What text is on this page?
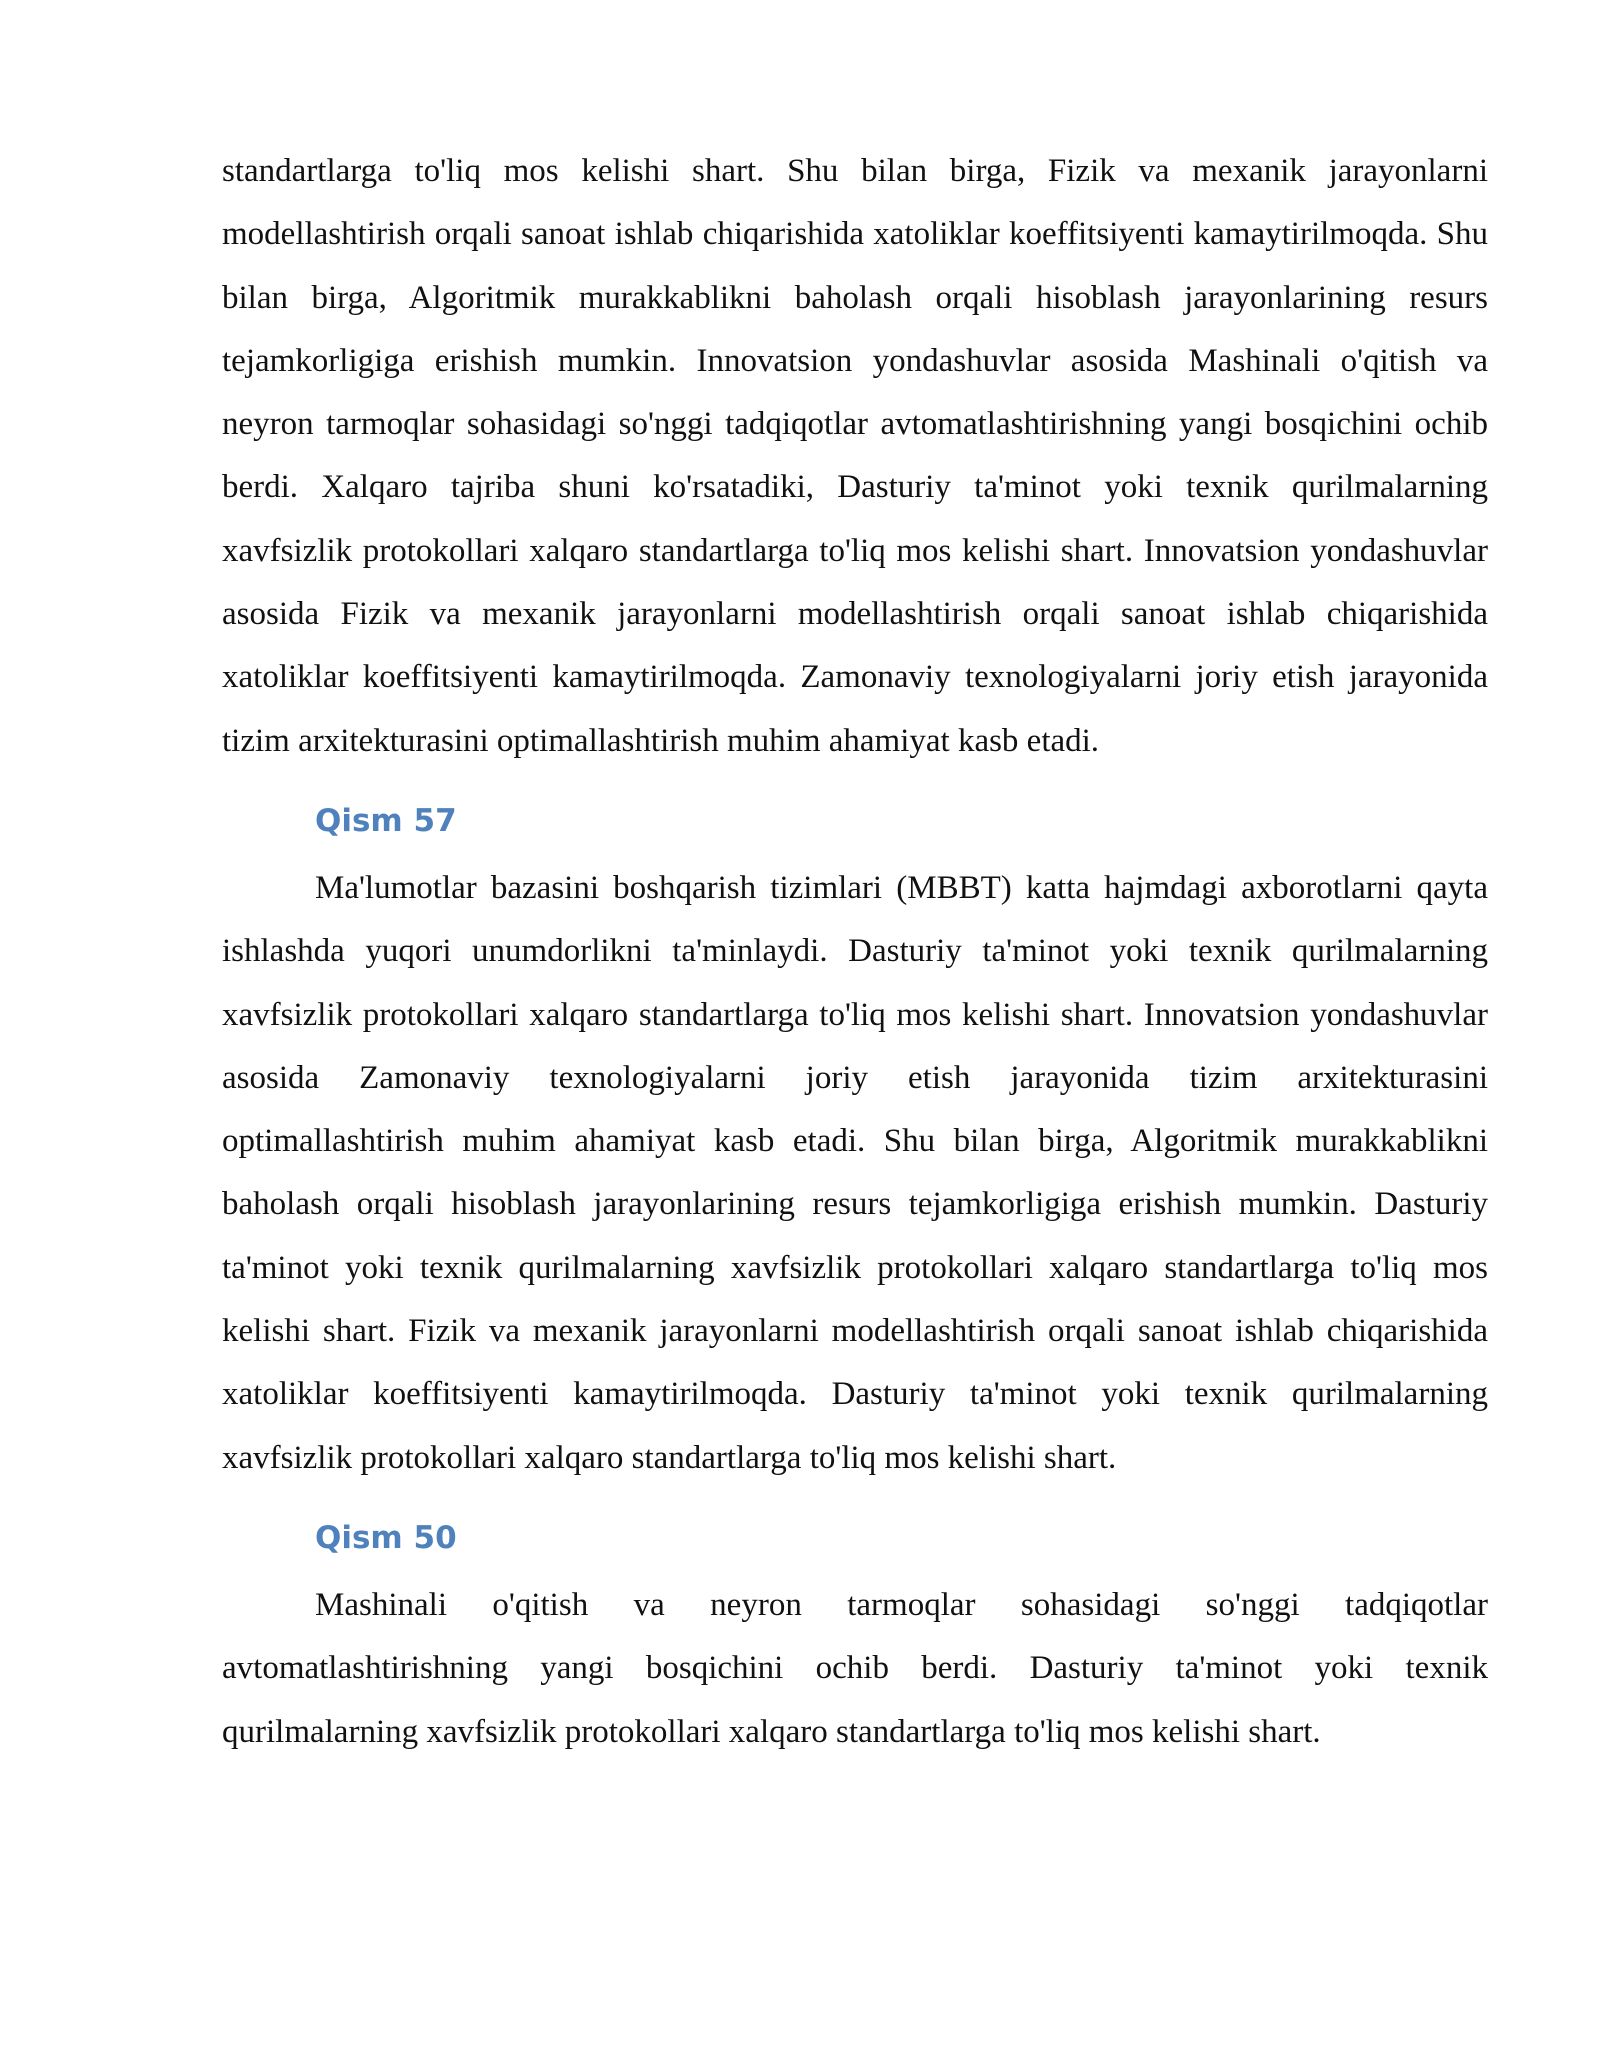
standartlarga to'liq mos kelishi shart. Shu bilan birga, Fizik va mexanik jarayonlarni modellashtirish orqali sanoat ishlab chiqarishida xatoliklar koeffitsiyenti kamaytirilmoqda. Shu bilan birga, Algoritmik murakkablikni baholash orqali hisoblash jarayonlarining resurs tejamkorligiga erishish mumkin. Innovatsion yondashuvlar asosida Mashinali o'qitish va neyron tarmoqlar sohasidagi so'nggi tadqiqotlar avtomatlashtirishning yangi bosqichini ochib berdi. Xalqaro tajriba shuni ko'rsatadiki, Dasturiy ta'minot yoki texnik qurilmalarning xavfsizlik protokollari xalqaro standartlarga to'liq mos kelishi shart. Innovatsion yondashuvlar asosida Fizik va mexanik jarayonlarni modellashtirish orqali sanoat ishlab chiqarishida xatoliklar koeffitsiyenti kamaytirilmoqda. Zamonaviy texnologiyalarni joriy etish jarayonida tizim arxitekturasini optimallashtirish muhim ahamiyat kasb etadi.

Qism 57

Ma'lumotlar bazasini boshqarish tizimlari (MBBT) katta hajmdagi axborotlarni qayta ishlashda yuqori unumdorlikni ta'minlaydi. Dasturiy ta'minot yoki texnik qurilmalarning xavfsizlik protokollari xalqaro standartlarga to'liq mos kelishi shart. Innovatsion yondashuvlar asosida Zamonaviy texnologiyalarni joriy etish jarayonida tizim arxitekturasini optimallashtirish muhim ahamiyat kasb etadi. Shu bilan birga, Algoritmik murakkablikni baholash orqali hisoblash jarayonlarining resurs tejamkorligiga erishish mumkin. Dasturiy ta'minot yoki texnik qurilmalarning xavfsizlik protokollari xalqaro standartlarga to'liq mos kelishi shart. Fizik va mexanik jarayonlarni modellashtirish orqali sanoat ishlab chiqarishida xatoliklar koeffitsiyenti kamaytirilmoqda. Dasturiy ta'minot yoki texnik qurilmalarning xavfsizlik protokollari xalqaro standartlarga to'liq mos kelishi shart.

Qism 50

Mashinali o'qitish va neyron tarmoqlar sohasidagi so'nggi tadqiqotlar avtomatlashtirishning yangi bosqichini ochib berdi. Dasturiy ta'minot yoki texnik qurilmalarning xavfsizlik protokollari xalqaro standartlarga to'liq mos kelishi shart.
